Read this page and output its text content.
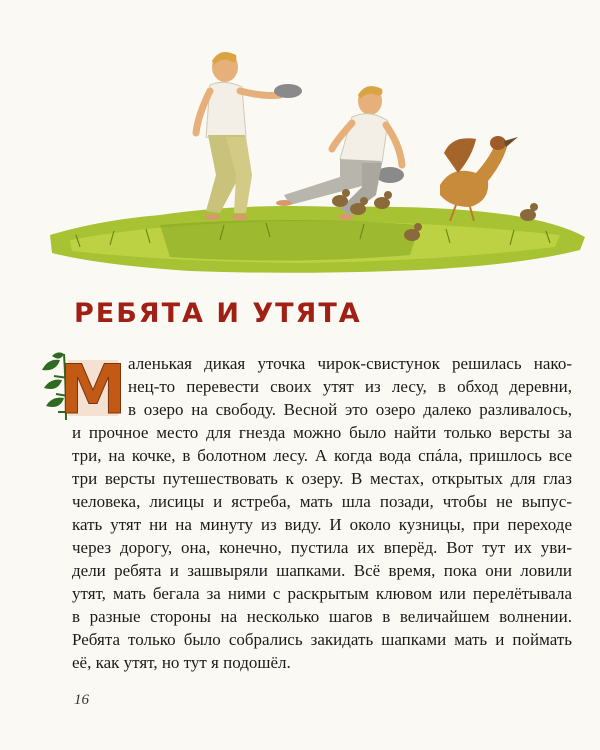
РЕБЯТА И УТЯТА
М аленькая дикая уточка чирок-свистунок решилась нако-
нец-то перевести своих утят из лесу, в обход деревни,
в озеро на свободу. Весной это озеро далеко разливалось,
и прочное место для гнезда можно было найти только версты за
три, на кочке, в болотном лесу. А когда вода спáла, пришлось все
три версты путешествовать к озеру. В местах, открытых для глаз
человека, лисицы и ястреба, мать шла позади, чтобы не выпус-
кать утят ни на минуту из виду. И около кузницы, при переходе
через дорогу, она, конечно, пустила их вперёд. Вот тут их уви-
дели ребята и зашвыряли шапками. Всё время, пока они ловили
утят, мать бегала за ними с раскрытым клювом или перелётывала
в разные стороны на несколько шагов в величайшем волнении.
Ребята только было собрались закидать шапками мать и поймать
её, как утят, но тут я подошёл.
16
